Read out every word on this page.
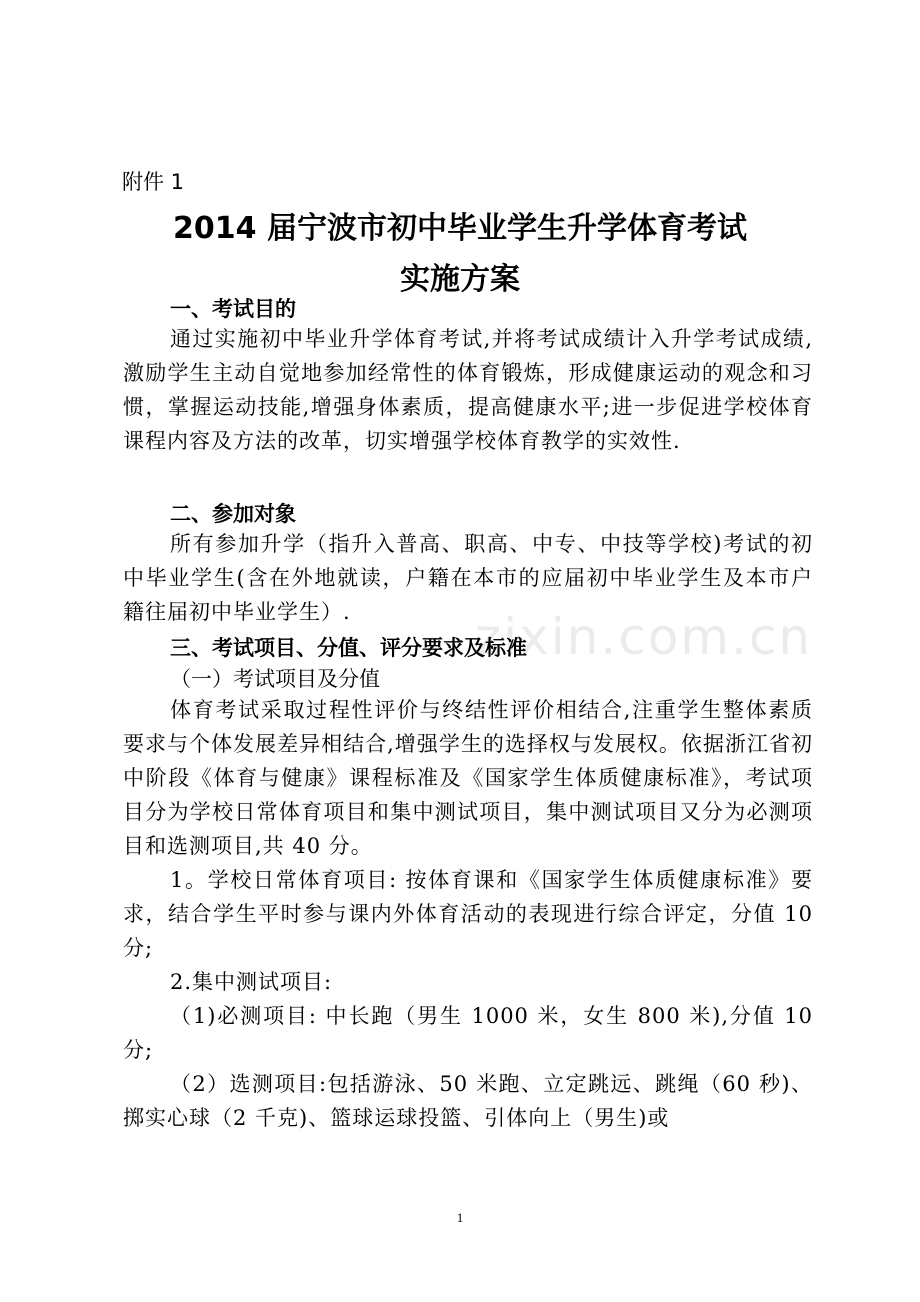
附件 1
2014 届宁波市初中毕业学生升学体育考试
实施方案
一、考试目的
通过实施初中毕业升学体育考试,并将考试成绩计入升学考试成绩,激励学生主动自觉地参加经常性的体育锻炼，形成健康运动的观念和习惯，掌握运动技能,增强身体素质，提高健康水平;进一步促进学校体育课程内容及方法的改革，切实增强学校体育教学的实效性.
二、参加对象
所有参加升学（指升入普高、职高、中专、中技等学校)考试的初中毕业学生(含在外地就读，户籍在本市的应届初中毕业学生及本市户籍往届初中毕业学生）.	zixin.com.cn
三、考试项目、分值、评分要求及标准
（一）考试项目及分值
体育考试采取过程性评价与终结性评价相结合,注重学生整体素质要求与个体发展差异相结合,增强学生的选择权与发展权。依据浙江省初中阶段《体育与健康》课程标准及《国家学生体质健康标准》，考试项目分为学校日常体育项目和集中测试项目，集中测试项目又分为必测项目和选测项目,共 40 分。
1。学校日常体育项目: 按体育课和《国家学生体质健康标准》要求，结合学生平时参与课内外体育活动的表现进行综合评定，分值 10 分;
2.集中测试项目:
（1)必测项目: 中长跑（男生 1000 米，女生 800 米),分值 10 分;
（2）选测项目:包括游泳、50 米跑、立定跳远、跳绳（60 秒)、掷实心球（2 千克)、篮球运球投篮、引体向上（男生)或
1
